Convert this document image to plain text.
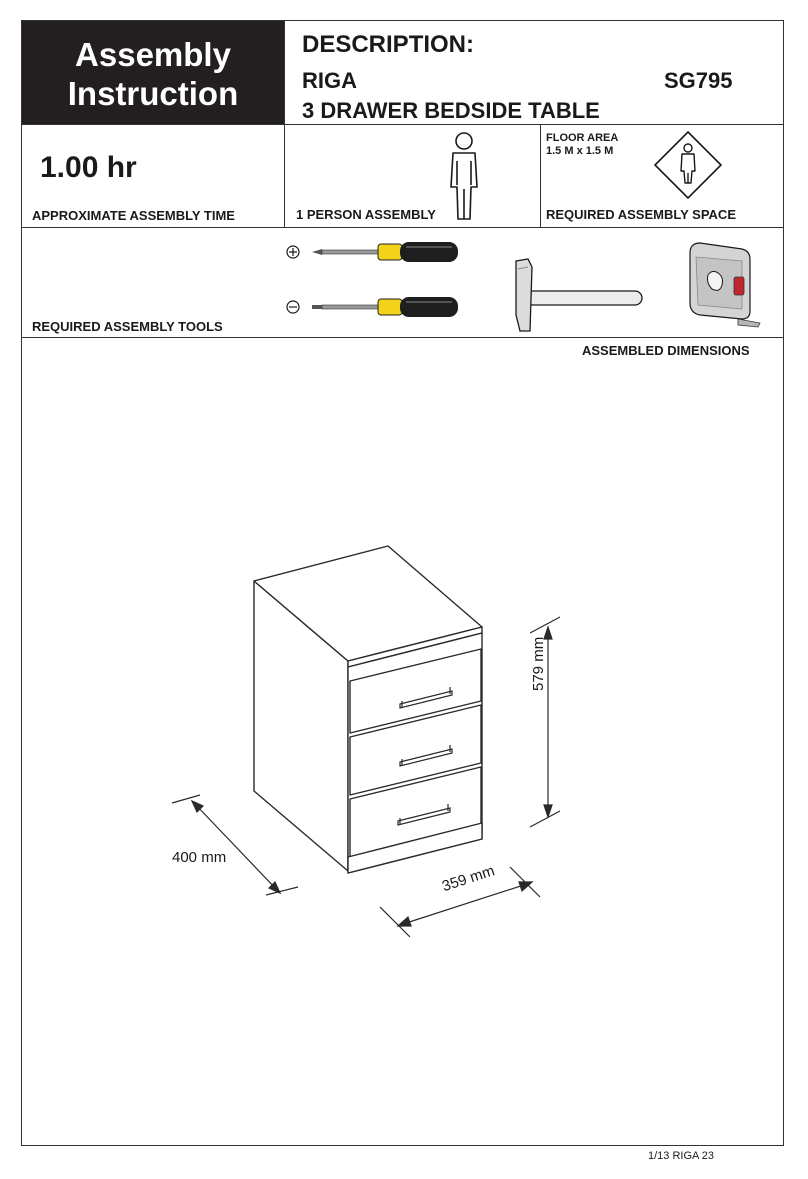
Assembly
Instruction
DESCRIPTION:
RIGA	SG795
3 DRAWER BEDSIDE TABLE
1.00 hr
APPROXIMATE ASSEMBLY TIME	1 PERSON ASSEMBLY
FLOOR AREA
1.5 M x 1.5 M
REQUIRED ASSEMBLY SPACE
REQUIRED ASSEMBLY TOOLS
ASSEMBLED DIMENSIONS
579 mm
400 mm
359 mm
1/13 RIGA 23
